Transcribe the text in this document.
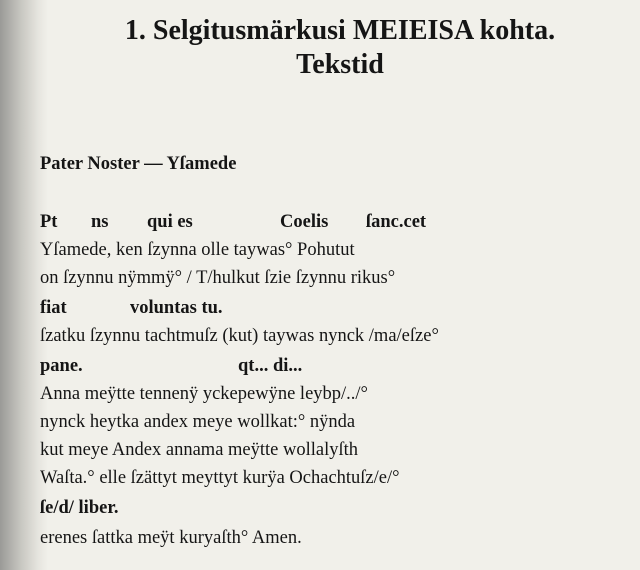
1. Selgitusmärkusi MEIEISA kohta.
Tekstid
Pater Noster — Yſamede
Pt ns qui es	Coelis ſanc.cet
Yſamede, ken ſzynna olle taywas° Pohutut
on ſzynnu nÿmmÿ° / T/hulkut ſzie ſzynnu rikus°
fiat	voluntas tu.
ſzatku ſzynnu tachtmuſz (kut) taywas nynck /ma/eſze°
pane.	qt... di...
Anna meÿtte tennenÿ yckepewÿne leybp/../°
nynck heytka andex meye wollkat:° nÿnda
kut meye Andex annama meÿtte wollalyſth
Waſta.° elle ſzättyt meyttyt kurÿa Ochachtuſz/e/°
ſe/d/ liber.
erenes ſattka meÿt kuryaſth° Amen.
